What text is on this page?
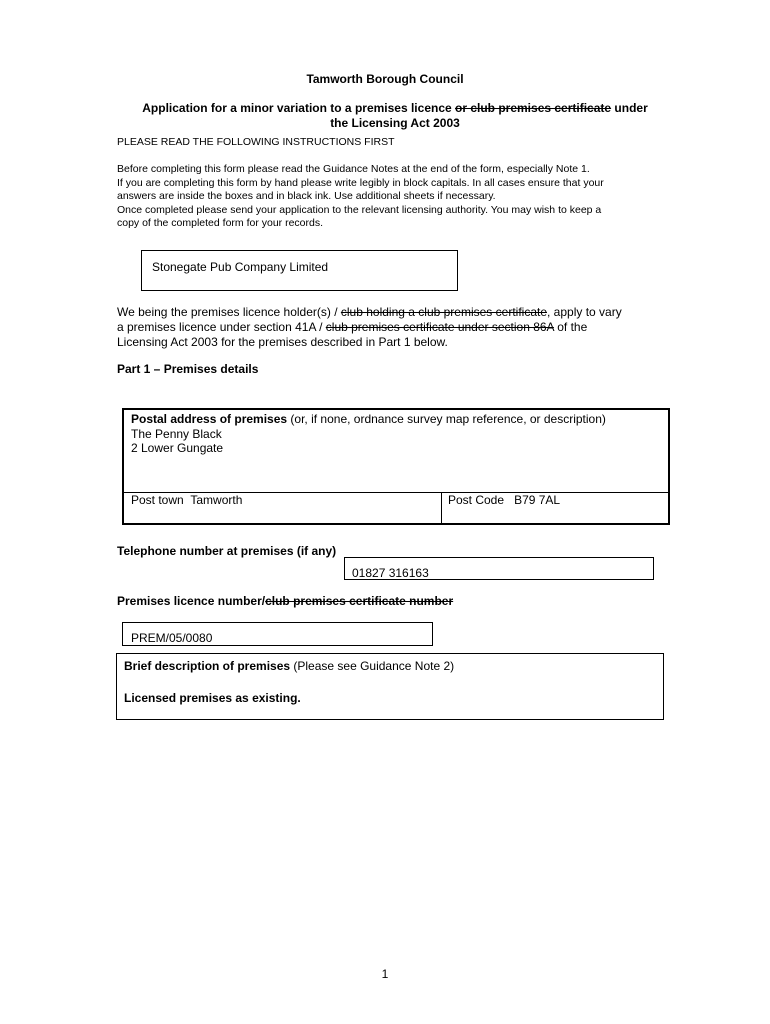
Tamworth Borough Council
Application for a minor variation to a premises licence or club premises certificate under
the Licensing Act 2003
PLEASE READ THE FOLLOWING INSTRUCTIONS FIRST
Before completing this form please read the Guidance Notes at the end of the form, especially Note 1.
If you are completing this form by hand please write legibly in block capitals. In all cases ensure that your
answers are inside the boxes and in black ink. Use additional sheets if necessary.
Once completed please send your application to the relevant licensing authority. You may wish to keep a
copy of the completed form for your records.
Stonegate Pub Company Limited
We being the premises licence holder(s) / club holding a club premises certificate, apply to vary
a premises licence under section 41A / club premises certificate under section 86A of the
Licensing Act 2003 for the premises described in Part 1 below.
Part 1 – Premises details
Postal address of premises (or, if none, ordnance survey map reference, or description)
The Penny Black
2 Lower Gungate
Post town Tamworth	Post Code B79 7AL
Telephone number at premises (if any)
01827 316163
Premises licence number/club premises certificate number
PREM/05/0080
Brief description of premises (Please see Guidance Note 2)
Licensed premises as existing.
1
